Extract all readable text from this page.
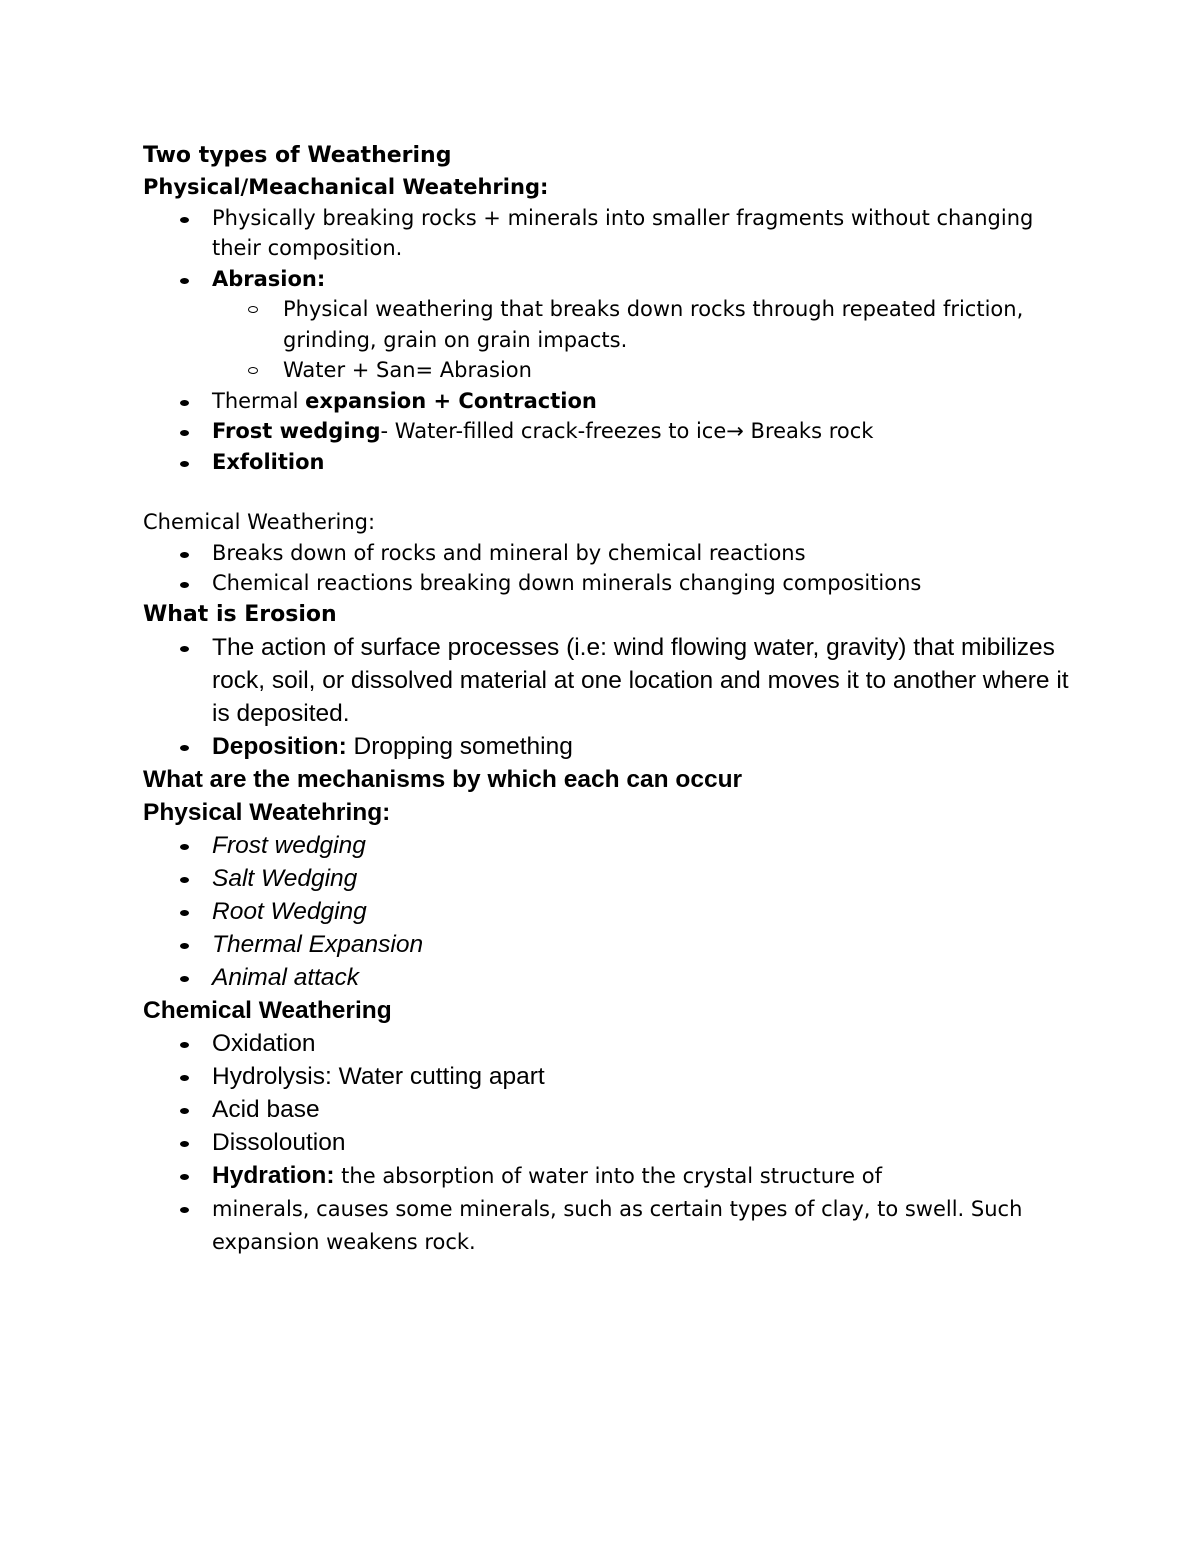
Two types of Weathering

Physical/Meachanical Weatehring:

Physically breaking rocks + minerals into smaller fragments without changing their composition.
Abrasion:
Physical weathering that breaks down rocks through repeated friction, grinding, grain on grain impacts.
Water + San= Abrasion
Thermal expansion + Contraction
Frost wedging- Water-filled crack-freezes to ice→ Breaks rock
Exfolition

Chemical Weathering:

Breaks down of rocks and mineral by chemical reactions
Chemical reactions breaking down minerals changing compositions

What is Erosion

The action of surface processes (i.e: wind flowing water, gravity) that mibilizes rock, soil, or dissolved material at one location and moves it to another where it is deposited.
Deposition: Dropping something

What are the mechanisms by which each can occur

Physical Weatehring:

Frost wedging
Salt Wedging
Root Wedging
Thermal Expansion
Animal attack

Chemical Weathering

Oxidation
Hydrolysis: Water cutting apart
Acid base
Dissoloution
Hydration: the absorption of water into the crystal structure of
minerals, causes some minerals, such as certain types of clay, to swell. Such expansion weakens rock.
